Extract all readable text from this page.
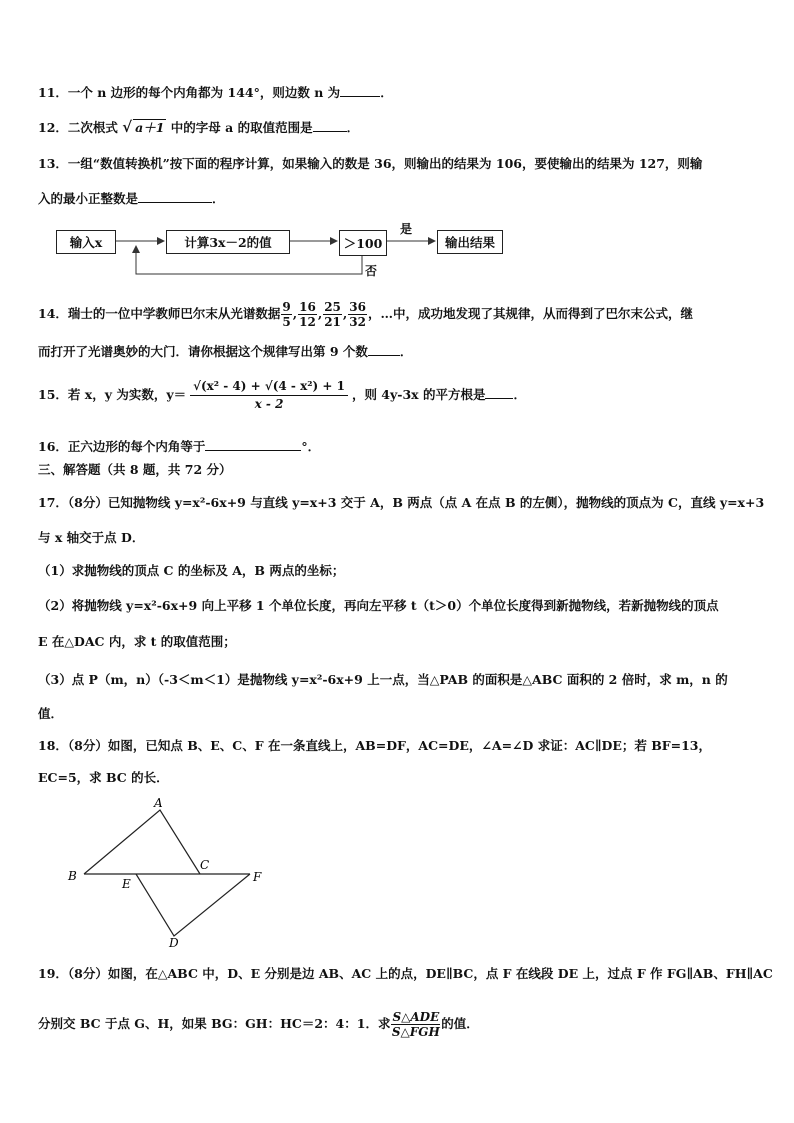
11．一个 n 边形的每个内角都为 144°，则边数 n 为	．
12．二次根式 √ a＋1 中的字母 a 的取值范围是	．
13．一组“数值转换机”按下面的程序计算，如果输入的数是 36，则输出的结果为 106，要使输出的结果为 127，则输
入的最小正整数是	．
输入x	计算3x－2的值	＞100	输出结果
是
否
14．瑞士的一位中学教师巴尔末从光谱数据 $\frac{9}{5}$ , $\frac{16}{12}$ , $\frac{25}{21}$ , $\frac{36}{32}$ ，…中，成功地发现了其规律，从而得到了巴尔末公式，继
而打开了光谱奥妙的大门．请你根据这个规律写出第 9 个数	．
15．若 x，y 为实数，$y= \frac{\text{√(x² - 4) + √(4 - x²) + 1}}{x - 2}$ ，则 4y-3x 的平方根是 ．
16．正六边形的每个内角等于	°．
三、解答题（共 8 题，共 72 分）
17．（8分）已知抛物线 y=x²-6x+9 与直线 y=x+3 交于 A，B 两点（点 A 在点 B 的左侧），抛物线的顶点为 C，直线 y=x+3
与 x 轴交于点 D．
（1）求抛物线的顶点 C 的坐标及 A，B 两点的坐标；
（2）将抛物线 y=x²-6x+9 向上平移 1 个单位长度，再向左平移 t（t＞0）个单位长度得到新抛物线，若新抛物线的顶点
E 在△DAC 内，求 t 的取值范围；
（3）点 P（m，n）（-3＜m＜1）是抛物线 y=x²-6x+9 上一点，当△PAB 的面积是△ABC 面积的 2 倍时，求 m，n 的
值．
18．（8分）如图，已知点 B、E、C、F 在一条直线上，AB=DF，AC=DE，∠A=∠D 求证：AC∥DE；若 BF=13，
EC=5，求 BC 的长．
A
B
C
E	F
D
19．（8分）如图，在△ABC 中，D、E 分别是边 AB、AC 上的点，DE∥BC，点 F 在线段 DE 上，过点 F 作 FG∥AB、FH∥AC
分别交 BC 于点 G、H，如果 BG：GH：HC＝2：4：1．求 $\frac{\text{S△ADE}}{\text{S△FGH}}$ 的值．
